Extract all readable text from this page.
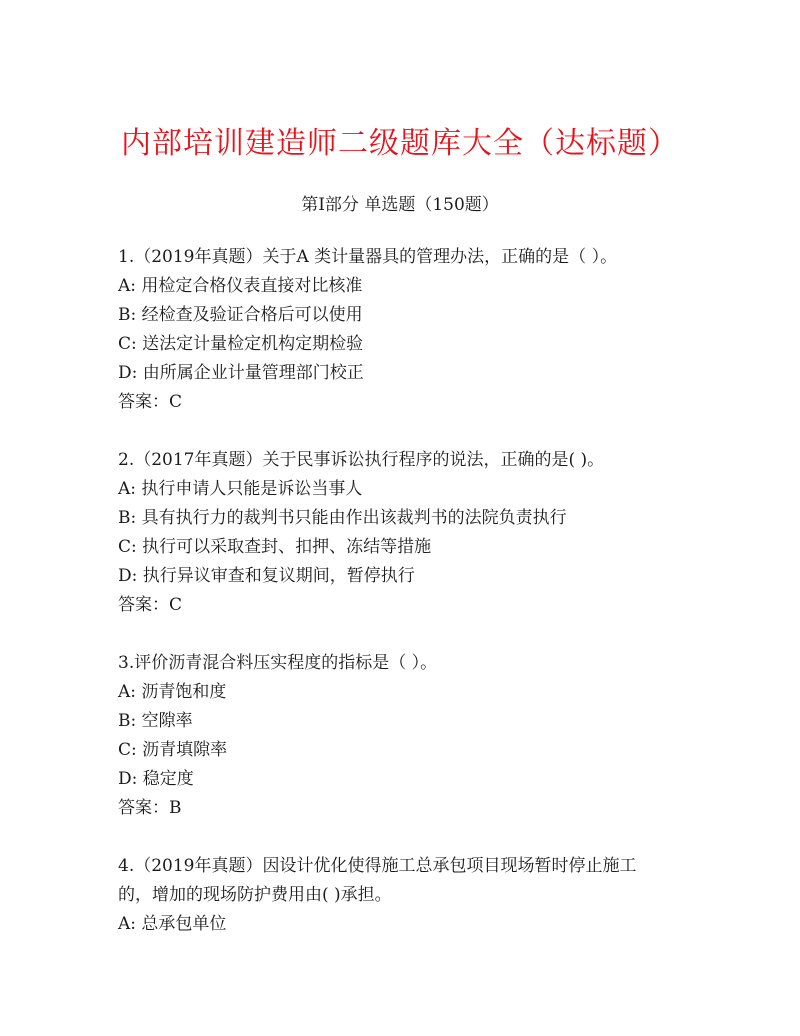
内部培训建造师二级题库大全（达标题）
第I部分 单选题（150题）
1.（2019年真题）关于A 类计量器具的管理办法，正确的是（ ）。
A: 用检定合格仪表直接对比核准
B: 经检查及验证合格后可以使用
C: 送法定计量检定机构定期检验
D: 由所属企业计量管理部门校正
答案：C
2.（2017年真题）关于民事诉讼执行程序的说法，正确的是( )。
A: 执行申请人只能是诉讼当事人
B: 具有执行力的裁判书只能由作出该裁判书的法院负责执行
C: 执行可以采取查封、扣押、冻结等措施
D: 执行异议审查和复议期间，暂停执行
答案：C
3.评价沥青混合料压实程度的指标是（ ）。
A: 沥青饱和度
B: 空隙率
C: 沥青填隙率
D: 稳定度
答案：B
4.（2019年真题）因设计优化使得施工总承包项目现场暂时停止施工
的，增加的现场防护费用由( )承担。
A: 总承包单位
